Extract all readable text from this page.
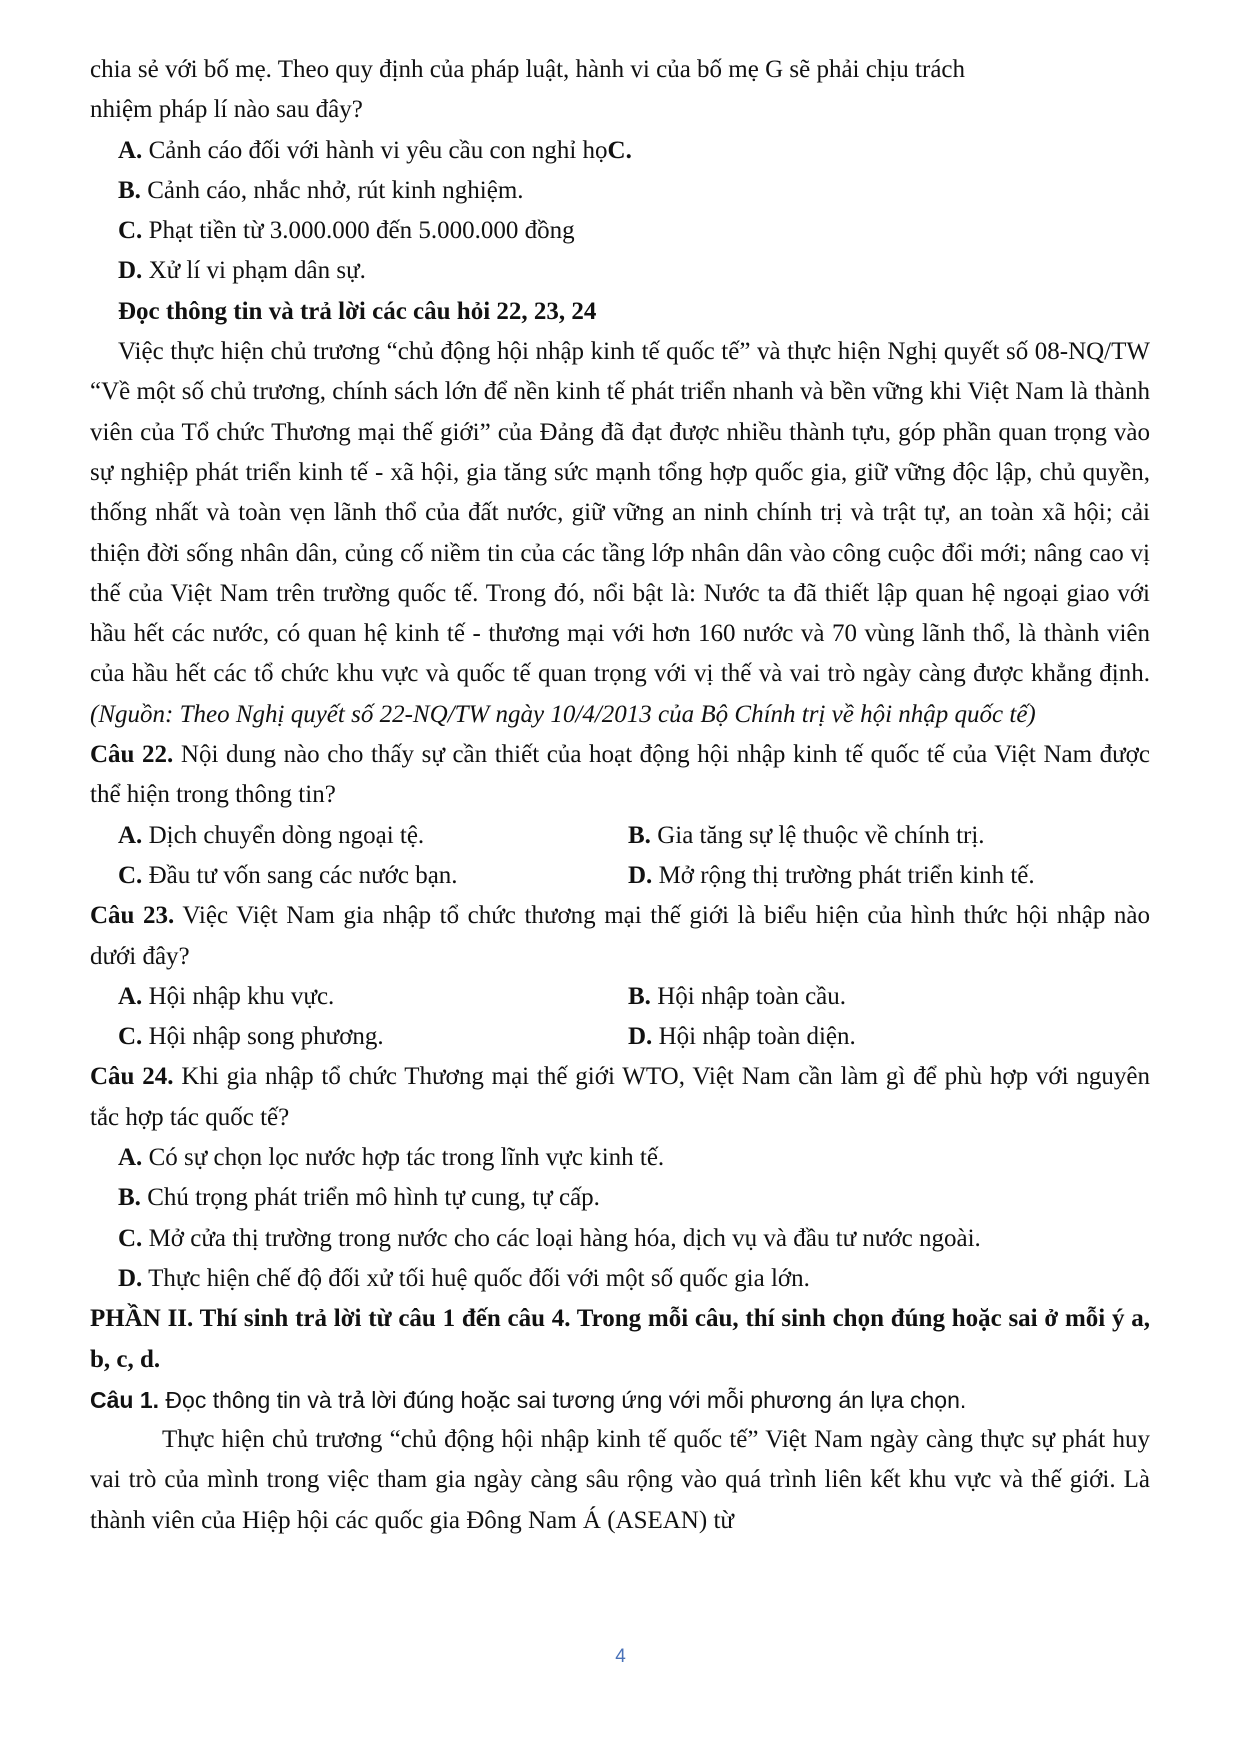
chia sẻ với bố mẹ. Theo quy định của pháp luật, hành vi của bố mẹ G sẽ phải chịu trách
nhiệm pháp lí nào sau đây?
A. Cảnh cáo đối với hành vi yêu cầu con nghỉ họC.
B. Cảnh cáo, nhắc nhở, rút kinh nghiệm.
C. Phạt tiền từ 3.000.000 đến 5.000.000 đồng
D. Xử lí vi phạm dân sự.
Đọc thông tin và trả lời các câu hỏi 22, 23, 24

Việc thực hiện chủ trương “chủ động hội nhập kinh tế quốc tế” và thực hiện Nghị quyết số 08-NQ/TW “Về một số chủ trương, chính sách lớn để nền kinh tế phát triển nhanh và bền vững khi Việt Nam là thành viên của Tổ chức Thương mại thế giới” của Đảng đã đạt được nhiều thành tựu, góp phần quan trọng vào sự nghiệp phát triển kinh tế - xã hội, gia tăng sức mạnh tổng hợp quốc gia, giữ vững độc lập, chủ quyền, thống nhất và toàn vẹn lãnh thổ của đất nước, giữ vững an ninh chính trị và trật tự, an toàn xã hội; cải thiện đời sống nhân dân, củng cố niềm tin của các tầng lớp nhân dân vào công cuộc đổi mới; nâng cao vị thế của Việt Nam trên trường quốc tế. Trong đó, nổi bật là: Nước ta đã thiết lập quan hệ ngoại giao với hầu hết các nước, có quan hệ kinh tế - thương mại với hơn 160 nước và 70 vùng lãnh thổ, là thành viên của hầu hết các tổ chức khu vực và quốc tế quan trọng với vị thế và vai trò ngày càng được khẳng định. (Nguồn: Theo Nghị quyết số 22-NQ/TW ngày 10/4/2013 của Bộ Chính trị về hội nhập quốc tế)

Câu 22. Nội dung nào cho thấy sự cần thiết của hoạt động hội nhập kinh tế quốc tế của Việt Nam được thể hiện trong thông tin?

A. Dịch chuyển dòng ngoại tệ.	B. Gia tăng sự lệ thuộc về chính trị.
C. Đầu tư vốn sang các nước bạn.	D. Mở rộng thị trường phát triển kinh tế.

Câu 23. Việc Việt Nam gia nhập tổ chức thương mại thế giới là biểu hiện của hình thức hội nhập nào dưới đây?

A. Hội nhập khu vực.	B. Hội nhập toàn cầu.
C. Hội nhập song phương.	D. Hội nhập toàn diện.

Câu 24. Khi gia nhập tổ chức Thương mại thế giới WTO, Việt Nam cần làm gì để phù hợp với nguyên tắc hợp tác quốc tế?

A. Có sự chọn lọc nước hợp tác trong lĩnh vực kinh tế.
B. Chú trọng phát triển mô hình tự cung, tự cấp.
C. Mở cửa thị trường trong nước cho các loại hàng hóa, dịch vụ và đầu tư nước ngoài.
D. Thực hiện chế độ đối xử tối huệ quốc đối với một số quốc gia lớn.

PHẦN II. Thí sinh trả lời từ câu 1 đến câu 4. Trong mỗi câu, thí sinh chọn đúng hoặc sai ở mỗi ý a, b, c, d.

Câu 1. Đọc thông tin và trả lời đúng hoặc sai tương ứng với mỗi phương án lựa chọn.

Thực hiện chủ trương “chủ động hội nhập kinh tế quốc tế” Việt Nam ngày càng thực sự phát huy vai trò của mình trong việc tham gia ngày càng sâu rộng vào quá trình liên kết khu vực và thế giới. Là thành viên của Hiệp hội các quốc gia Đông Nam Á (ASEAN) từ

4
